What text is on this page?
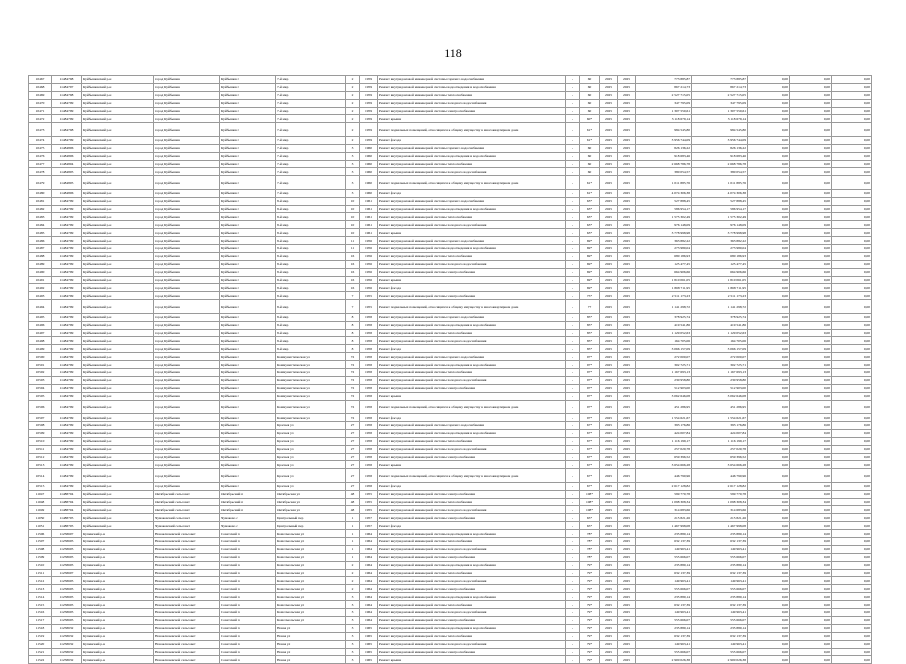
118
10467	11484798	Куйбышевский р-н	город Куйбышев	Куйбышев г	7-й мкр	2	1959	Ремонт внутридомовой инженерной системы горячего водоснабжения	-	60	2025	2025	773 885,87	773 885,87	0,00	0,00	0,00
10468	11484797	Куйбышевский р-н	город Куйбышев	Куйбышев г	7-й мкр	2	1959	Ремонт внутридомовой инженерной системы водоотведения и водоснабжения	-	60	2025	2025	867 214,73	867 214,73	0,00	0,00	0,00
10469	11484798	Куйбышевский р-н	город Куйбышев	Куйбышев г	7-й мкр	2	1959	Ремонт внутридомовой инженерной системы теплоснабжения	-	60	2025	2025	2 527 715,05	2 527 715,05	0,00	0,00	0,00
10470	11484799	Куйбышевский р-н	город Куйбышев	Куйбышев г	7-й мкр	2	1959	Ремонт внутридомовой инженерной системы холодного водоснабжения	-	60	2025	2025	347 795,09	347 795,09	0,00	0,00	0,00
10471	11484799	Куйбышевский р-н	город Куйбышев	Куйбышев г	7-й мкр	2	1959	Ремонт внутридомовой инженерной системы электроснабжения	-	60	2025	2025	1 307 550,61	1 307 550,61	0,00	0,00	0,00
10472	11484799	Куйбышевский р-н	город Куйбышев	Куйбышев г	7-й мкр	2	1959	Ремонт крыши	-	60*	2025	2025	3 118 679,14	3 118 679,14	0,00	0,00	0,00
10473	11484798	Куйбышевский р-н	город Куйбышев	Куйбышев г	7-й мкр	2	1959	Ремонт подвальных помещений, относящихся к общему имуществу в многоквартирном доме	-	61*	2025	2025	984 545,80	984 545,80	0,00	0,00	0,00
10474	11484799	Куйбышевский р-н	город Куйбышев	Куйбышев г	7-й мкр	2	1959	Ремонт фасада	-	61*	2025	2025	3 956 744,09	3 956 744,09	0,00	0,00	0,00
10475	11484806	Куйбышевский р-н	город Куйбышев	Куйбышев г	7-й мкр	3	1960	Ремонт внутридомовой инженерной системы горячего водоснабжения	-	60	2025	2025	826 136,22	826 136,22	0,00	0,00	0,00
10476	11484806	Куйбышевский р-н	город Куйбышев	Куйбышев г	7-й мкр	3	1960	Ремонт внутридомовой инженерной системы водоотведения и водоснабжения	-	60	2025	2025	918 683,46	918 683,46	0,00	0,00	0,00
10477	11484804	Куйбышевский р-н	город Куйбышев	Куйбышев г	7-й мкр	3	1960	Ремонт внутридомовой инженерной системы теплоснабжения	-	60	2025	2025	2 668 786,78	2 668 786,78	0,00	0,00	0,00
10478	11484805	Куйбышевский р-н	город Куйбышев	Куйбышев г	7-й мкр	3	1960	Ремонт внутридомовой инженерной системы холодного водоснабжения	-	60	2025	2025	380 054,57	380 054,57	0,00	0,00	0,00
10479	11484805	Куйбышевский р-н	город Куйбышев	Куйбышев г	7-й мкр	3	1960	Ремонт подвальных помещений, относящихся к общему имуществу в многоквартирном доме	-	61*	2025	2025	1 011 885,76	1 011 885,76	0,00	0,00	0,00
10480	11484806	Куйбышевский р-н	город Куйбышев	Куйбышев г	7-й мкр	3	1960	Ремонт фасада	-	61*	2025	2025	4 074 306,38	4 074 306,38	0,00	0,00	0,00
10481	11484799	Куйбышевский р-н	город Куйбышев	Куйбышев г	8-й мкр	10	1961	Ремонт внутридомовой инженерной системы горячего водоснабжения	-	63*	2025	2025	527 888,45	527 888,45	0,00	0,00	0,00
10482	11484799	Куйбышевский р-н	город Куйбышев	Куйбышев г	8-й мкр	10	1961	Ремонт внутридомовой инженерной системы водоотведения и водоснабжения	-	63*	2025	2025	586 954,17	586 954,17	0,00	0,00	0,00
10483	11484799	Куйбышевский р-н	город Куйбышев	Куйбышев г	8-й мкр	10	1961	Ремонт внутридомовой инженерной системы теплоснабжения	-	63*	2025	2025	1 575 302,49	1 575 302,49	0,00	0,00	0,00
10484	11484799	Куйбышевский р-н	город Куйбышев	Куйбышев г	8-й мкр	10	1961	Ремонт внутридомовой инженерной системы холодного водоснабжения	-	63*	2025	2025	976 148,09	976 148,09	0,00	0,00	0,00
10485	11484799	Куйбышевский р-н	город Куйбышев	Куйбышев г	8-й мкр	10	1961	Ремонт крыши	-	63*	2025	2025	3 778 998,98	3 778 998,98	0,00	0,00	0,00
10486	11484799	Куйбышевский р-н	город Куйбышев	Куйбышев г	8-й мкр	11	1956	Ремонт внутридомовой инженерной системы горячего водоснабжения	-	69*	2025	2025	363 882,22	363 882,22	0,00	0,00	0,00
10487	11484799	Куйбышевский р-н	город Куйбышев	Куйбышев г	8-й мкр	11	1956	Ремонт внутридомовой инженерной системы водоотведения и водоснабжения	-	69*	2025	2025	273 980,04	273 980,04	0,00	0,00	0,00
10488	11484799	Куйбышевский р-н	город Куйбышев	Куйбышев г	8-й мкр	16	1956	Ремонт внутридомовой инженерной системы теплоснабжения	-	69*	2025	2025	680 186,93	680 186,93	0,00	0,00	0,00
10489	11484799	Куйбышевский р-н	город Куйбышев	Куйбышев г	8-й мкр	16	1956	Ремонт внутридомовой инженерной системы холодного водоснабжения	-	69*	2025	2025	125 477,45	125 477,45	0,00	0,00	0,00
10490	11484799	Куйбышевский р-н	город Куйбышев	Куйбышев г	8-й мкр	16	1956	Ремонт внутридомовой инженерной системы электроснабжения	-	69*	2025	2025	664 906,66	664 906,66	0,00	0,00	0,00
10491	11484799	Куйбышевский р-н	город Куйбышев	Куйбышев г	8-й мкр	16	1956	Ремонт крыши	-	69*	2025	2025	1 810 061,05	1 810 061,05	0,00	0,00	0,00
10492	11484799	Куйбышевский р-н	город Куйбышев	Куйбышев г	8-й мкр	16	1956	Ремонт фасада	-	69*	2025	2025	1 868 711,95	1 868 711,95	0,00	0,00	0,00
10493	11484799	Куйбышевский р-н	город Куйбышев	Куйбышев г	8-й мкр	7	1955	Ремонт внутридомовой инженерной системы электроснабжения	-	75*	2025	2025	2 511 173,23	2 511 173,23	0,00	0,00	0,00
10494	11484799	Куйбышевский р-н	город Куйбышев	Куйбышев г	8-й мкр	7	1955	Ремонт подвальных помещений, относящихся к общему имуществу в многоквартирном доме	-	77	2025	2025	1 141 298,72	1 141 298,72	0,00	0,00	0,00
10495	11484799	Куйбышевский р-н	город Куйбышев	Куйбышев г	8-й мкр	8	1958	Ремонт внутридомовой инженерной системы горячего водоснабжения	-	85*	2025	2025	378 925,74	378 925,74	0,00	0,00	0,00
10496	11484799	Куйбышевский р-н	город Куйбышев	Куйбышев г	8-й мкр	8	1958	Ремонт внутридомовой инженерной системы водоотведения и водоснабжения	-	85*	2025	2025	419 541,86	419 541,86	0,00	0,00	0,00
10497	11484799	Куйбышевский р-н	город Куйбышев	Куйбышев г	8-й мкр	8	1958	Ремонт внутридомовой инженерной системы теплоснабжения	-	85*	2025	2025	1 129 052,63	1 129 052,63	0,00	0,00	0,00
10498	11484799	Куйбышевский р-н	город Куйбышев	Куйбышев г	8-й мкр	8	1958	Ремонт внутридомовой инженерной системы холодного водоснабжения	-	85*	2025	2025	164 705,06	164 705,06	0,00	0,00	0,00
10499	11484799	Куйбышевский р-н	город Куйбышев	Куйбышев г	8-й мкр	8	1958	Ремонт фасада	-	85*	2025	2025	3 066 157,09	3 066 157,09	0,00	0,00	0,00
10500	11484799	Куйбышевский р-н	город Куйбышев	Куйбышев г	Коммунистическая ул	72	1958	Ремонт внутридомовой инженерной системы горячего водоснабжения	-	97*	2025	2025	272 000,07	272 000,07	0,00	0,00	0,00
10501	11484799	Куйбышевский р-н	город Куйбышев	Куйбышев г	Коммунистическая ул	72	1958	Ремонт внутридомовой инженерной системы водоотведения и водоснабжения	-	97*	2025	2025	302 725,71	302 725,71	0,00	0,00	0,00
10502	11484799	Куйбышевский р-н	город Куйбышев	Куйбышев г	Коммунистическая ул	72	1958	Ремонт внутридомовой инженерной системы теплоснабжения	-	97*	2025	2025	1 167 693,13	1 167 693,13	0,00	0,00	0,00
10503	11484799	Куйбышевский р-н	город Куйбышев	Куйбышев г	Коммунистическая ул	72	1958	Ремонт внутридомовой инженерной системы холодного водоснабжения	-	97*	2025	2025	230 958,80	230 958,80	0,00	0,00	0,00
10504	11484799	Куйбышевский р-н	город Куйбышев	Куйбышев г	Коммунистическая ул	72	1958	Ремонт внутридомовой инженерной системы электроснабжения	-	97*	2025	2025	512 903,00	512 903,00	0,00	0,00	0,00
10505	11484799	Куйбышевский р-н	город Куйбышев	Куйбышев г	Коммунистическая ул	72	1958	Ремонт крыши	-	97*	2025	2025	3 062 646,08	3 062 646,08	0,00	0,00	0,00
10506	11484799	Куйбышевский р-н	город Куйбышев	Куйбышев г	Коммунистическая ул	72	1958	Ремонт подвальных помещений, относящихся к общему имуществу в многоквартирном доме	-	97*	2025	2025	451 286,95	451 286,95	0,00	0,00	0,00
10507	11484799	Куйбышевский р-н	город Куйбышев	Куйбышев г	Коммунистическая ул	72	1958	Ремонт фасада	-	97*	2025	2025	1 554 621,67	1 554 621,67	0,00	0,00	0,00
10508	11484799	Куйбышевский р-н	город Куйбышев	Куйбышев г	Краснея ул	27	1958	Ремонт внутридомовой инженерной системы горячего водоснабжения	-	67*	2025	2025	393 176,86	393 176,86	0,00	0,00	0,00
10509	11484799	Куйбышевский р-н	город Куйбышев	Куйбышев г	Краснея ул	27	1958	Ремонт внутридомовой инженерной системы водоотведения и водоснабжения	-	67*	2025	2025	424 007,84	424 007,84	0,00	0,00	0,00
10510	11484799	Куйбышевский р-н	город Куйбышев	Куйбышев г	Краснея ул	27	1958	Ремонт внутридомовой инженерной системы теплоснабжения	-	67*	2025	2025	1 116 199,17	1 116 199,17	0,00	0,00	0,00
10511	11484799	Куйбышевский р-н	город Куйбышев	Куйбышев г	Краснея ул	27	1958	Ремонт внутридомовой инженерной системы холодного водоснабжения	-	67*	2025	2025	257 020,78	257 020,78	0,00	0,00	0,00
10512	11484799	Куйбышевский р-н	город Куйбышев	Куйбышев г	Краснея ул	27	1958	Ремонт внутридомовой инженерной системы электроснабжения	-	67*	2025	2025	659 396,52	659 396,52	0,00	0,00	0,00
10513	11484799	Куйбышевский р-н	город Куйбышев	Куйбышев г	Краснея ул	27	1958	Ремонт крыши	-	67*	2025	2025	3 654 666,28	3 654 666,28	0,00	0,00	0,00
10514	11484799	Куйбышевский р-н	город Куйбышев	Куйбышев г	Краснея ул	27	1958	Ремонт подвальных помещений, относящихся к общему имуществу в многоквартирном доме	-	67*	2025	2025	446 790,96	446 790,96	0,00	0,00	0,00
10515	11484799	Куйбышевский р-н	город Куйбышев	Куйбышев г	Краснея ул	27	1958	Ремонт фасада	-	67*	2025	2025	2 617 128,82	2 617 128,82	0,00	0,00	0,00
11047	11488704	Куйбышевский р-н	Октябрьский сельсовет	Октябрьский п	Октябрьская ул	48	1955	Ремонт внутридомовой инженерной системы электроснабжения	-	108*	2025	2025	599 770,78	599 770,78	0,00	0,00	0,00
11048	11488704	Куйбышевский р-н	Октябрьский сельсовет	Октябрьский п	Октябрьская ул	48	1955	Ремонт внутридомовой инженерной системы теплоснабжения	-	108*	2025	2025	1 098 308,34	1 098 308,34	0,00	0,00	0,00
11049	11488704	Куйбышевский р-н	Октябрьский сельсовет	Октябрьский п	Октябрьская ул	48	1955	Ремонт внутридомовой инженерной системы холодного водоснабжения	-	108*	2025	2025	314 683,66	314 683,66	0,00	0,00	0,00
11050	11488705	Куйбышевский р-н	Чумаковский сельсовет	Чумаково с	Центральный пер	1	1957	Ремонт внутридомовой инженерной системы электроснабжения	-	65*	2025	2025	215 821,26	215 821,26	0,00	0,00	0,00
11051	11488705	Куйбышевский р-н	Чумаковский сельсовет	Чумаково с	Центральный пер	1	1957	Ремонт фасада	-	65*	2025	2025	1 467 998,08	1 467 998,08	0,00	0,00	0,00
11506	11258607	Купинский р-н	Новоключевской сельсовет	Советский п	Комсомольская ул	1	1964	Ремонт внутридомовой инженерной системы водоотведения и водоснабжения	-	78*	2025	2025	235 880,14	235 880,14	0,00	0,00	0,00
11507	11258605	Купинский р-н	Новоключевской сельсовет	Советский п	Комсомольская ул	1	1964	Ремонт внутридомовой инженерной системы теплоснабжения	-	78*	2025	2025	632 137,39	632 137,39	0,00	0,00	0,00
11508	11258605	Купинский р-н	Новоключевской сельсовет	Советский п	Комсомольская ул	1	1964	Ремонт внутридомовой инженерной системы холодного водоснабжения	-	78*	2025	2025	149 963,41	149 963,41	0,00	0,00	0,00
11509	11258605	Купинский р-н	Новоключевской сельсовет	Советский п	Комсомольская ул	1	1964	Ремонт внутридомовой инженерной системы электроснабжения	-	78*	2025	2025	555 666,07	555 666,07	0,00	0,00	0,00
11510	11258605	Купинский р-н	Новоключевской сельсовет	Советский п	Комсомольская ул	2	1964	Ремонт внутридомовой инженерной системы водоотведения и водоснабжения	-	79*	2025	2025	235 880,14	235 880,14	0,00	0,00	0,00
11511	11258607	Купинский р-н	Новоключевской сельсовет	Советский п	Комсомольская ул	2	1964	Ремонт внутридомовой инженерной системы теплоснабжения	-	79*	2025	2025	632 137,39	632 137,39	0,00	0,00	0,00
11512	11258605	Купинский р-н	Новоключевской сельсовет	Советский п	Комсомольская ул	2	1964	Ремонт внутридомовой инженерной системы холодного водоснабжения	-	79*	2025	2025	149 963,41	149 963,41	0,00	0,00	0,00
11513	11258605	Купинский р-н	Новоключевской сельсовет	Советский п	Комсомольская ул	2	1964	Ремонт внутридомовой инженерной системы электроснабжения	-	79*	2025	2025	555 666,07	555 666,07	0,00	0,00	0,00
11514	11258605	Купинский р-н	Новоключевской сельсовет	Советский п	Комсомольская ул	3	1964	Ремонт внутридомовой инженерной системы водоотведения и водоснабжения	-	79*	2025	2025	235 880,14	235 880,14	0,00	0,00	0,00
11515	11258605	Купинский р-н	Новоключевской сельсовет	Советский п	Комсомольская ул	3	1964	Ремонт внутридомовой инженерной системы теплоснабжения	-	79*	2025	2025	632 137,39	632 137,39	0,00	0,00	0,00
11516	11258605	Купинский р-н	Новоключевской сельсовет	Советский п	Комсомольская ул	3	1964	Ремонт внутридомовой инженерной системы холодного водоснабжения	-	79*	2025	2025	149 963,41	149 963,41	0,00	0,00	0,00
11517	11258605	Купинский р-н	Новоключевской сельсовет	Советский п	Комсомольская ул	3	1964	Ремонт внутридомовой инженерной системы электроснабжения	-	79*	2025	2025	555 666,07	555 666,07	0,00	0,00	0,00
11518	11258632	Купинский р-н	Новоключевской сельсовет	Советский п	Новая ул	3	1965	Ремонт внутридомовой инженерной системы водоотведения и водоснабжения	-	79*	2025	2025	235 880,14	235 880,14	0,00	0,00	0,00
11519	11258632	Купинский р-н	Новоключевской сельсовет	Советский п	Новая ул	3	1965	Ремонт внутридомовой инженерной системы теплоснабжения	-	79*	2025	2025	632 137,39	632 137,39	0,00	0,00	0,00
11520	11258632	Купинский р-н	Новоключевской сельсовет	Советский п	Новая ул	3	1965	Ремонт внутридомовой инженерной системы холодного водоснабжения	-	79*	2025	2025	149 963,41	149 963,41	0,00	0,00	0,00
11521	11258632	Купинский р-н	Новоключевской сельсовет	Советский п	Новая ул	3	1965	Ремонт внутридомовой инженерной системы электроснабжения	-	79*	2025	2025	555 666,07	555 666,07	0,00	0,00	0,00
11522	11258632	Купинский р-н	Новоключевской сельсовет	Советский п	Новая ул	3	1965	Ремонт крыши	-	79*	2025	2025	2 900 026,38	2 900 026,38	0,00	0,00	0,00
